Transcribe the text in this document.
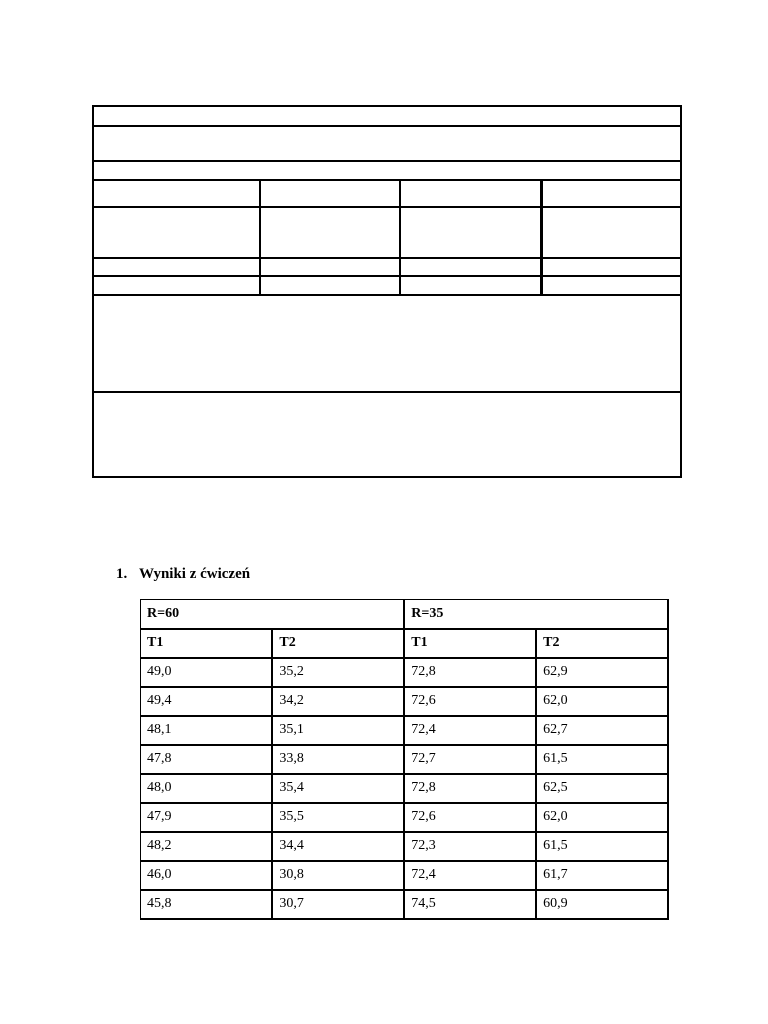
1. Wyniki z ćwiczeń
R=60		R=35	
T1	T2	T1	T2
49,0	35,2	72,8	62,9
49,4	34,2	72,6	62,0
48,1	35,1	72,4	62,7
47,8	33,8	72,7	61,5
48,0	35,4	72,8	62,5
47,9	35,5	72,6	62,0
48,2	34,4	72,3	61,5
46,0	30,8	72,4	61,7
45,8	30,7	74,5	60,9
